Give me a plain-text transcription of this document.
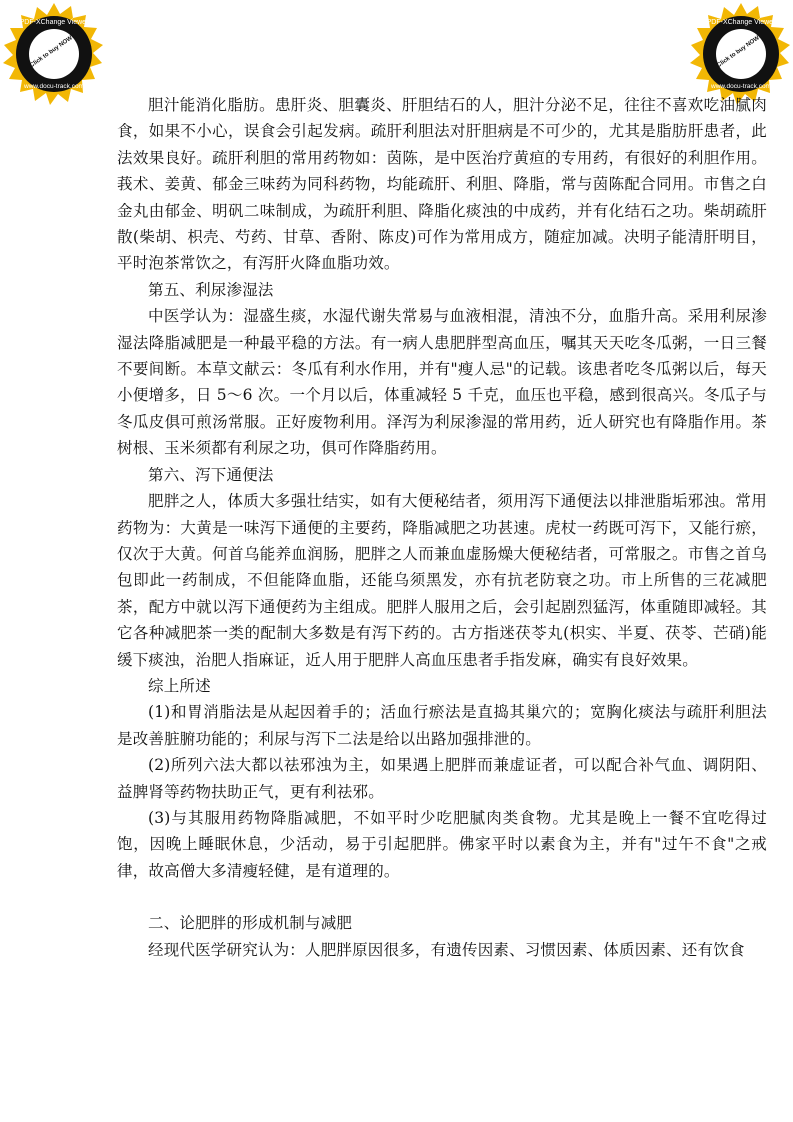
PDF-XChange Viewer
Click to buy NOW!
www.docu-track.com
PDF-XChange Viewer
Click to buy NOW!
www.docu-track.com

胆汁能消化脂肪。患肝炎、胆囊炎、肝胆结石的人，胆汁分泌不足，往往不喜欢吃油腻肉食，如果不小心，误食会引起发病。疏肝利胆法对肝胆病是不可少的，尤其是脂肪肝患者，此法效果良好。疏肝利胆的常用药物如：茵陈，是中医治疗黄疸的专用药，有很好的利胆作用。莪术、姜黄、郁金三味药为同科药物，均能疏肝、利胆、降脂，常与茵陈配合同用。市售之白金丸由郁金、明矾二味制成，为疏肝利胆、降脂化痰浊的中成药，并有化结石之功。柴胡疏肝散(柴胡、枳壳、芍药、甘草、香附、陈皮)可作为常用成方，随症加减。决明子能清肝明目，平时泡茶常饮之，有泻肝火降血脂功效。

第五、利尿渗湿法

中医学认为：湿盛生痰，水湿代谢失常易与血液相混，清浊不分，血脂升高。采用利尿渗湿法降脂减肥是一种最平稳的方法。有一病人患肥胖型高血压，嘱其天天吃冬瓜粥，一日三餐不要间断。本草文献云：冬瓜有利水作用，并有"瘦人忌"的记载。该患者吃冬瓜粥以后，每天小便增多，日 5～6 次。一个月以后，体重减轻 5 千克，血压也平稳，感到很高兴。冬瓜子与冬瓜皮俱可煎汤常服。正好废物利用。泽泻为利尿渗湿的常用药，近人研究也有降脂作用。茶树根、玉米须都有利尿之功，俱可作降脂药用。

第六、泻下通便法

肥胖之人，体质大多强壮结实，如有大便秘结者，须用泻下通便法以排泄脂垢邪浊。常用药物为：大黄是一味泻下通便的主要药，降脂减肥之功甚速。虎杖一药既可泻下，又能行瘀，仅次于大黄。何首乌能养血润肠，肥胖之人而兼血虚肠燥大便秘结者，可常服之。市售之首乌包即此一药制成，不但能降血脂，还能乌须黑发，亦有抗老防衰之功。市上所售的三花减肥茶，配方中就以泻下通便药为主组成。肥胖人服用之后，会引起剧烈猛泻，体重随即减轻。其它各种减肥茶一类的配制大多数是有泻下药的。古方指迷茯苓丸(枳实、半夏、茯苓、芒硝)能缓下痰浊，治肥人指麻证，近人用于肥胖人高血压患者手指发麻，确实有良好效果。

综上所述

(1)和胃消脂法是从起因着手的；活血行瘀法是直捣其巢穴的；宽胸化痰法与疏肝利胆法是改善脏腑功能的；利尿与泻下二法是给以出路加强排泄的。

(2)所列六法大都以祛邪浊为主，如果遇上肥胖而兼虚证者，可以配合补气血、调阴阳、益脾肾等药物扶助正气，更有利祛邪。

(3)与其服用药物降脂减肥，不如平时少吃肥腻肉类食物。尤其是晚上一餐不宜吃得过饱，因晚上睡眠休息，少活动，易于引起肥胖。佛家平时以素食为主，并有"过午不食"之戒律，故高僧大多清瘦轻健，是有道理的。

二、论肥胖的形成机制与减肥

经现代医学研究认为：人肥胖原因很多，有遗传因素、习惯因素、体质因素、还有饮食
